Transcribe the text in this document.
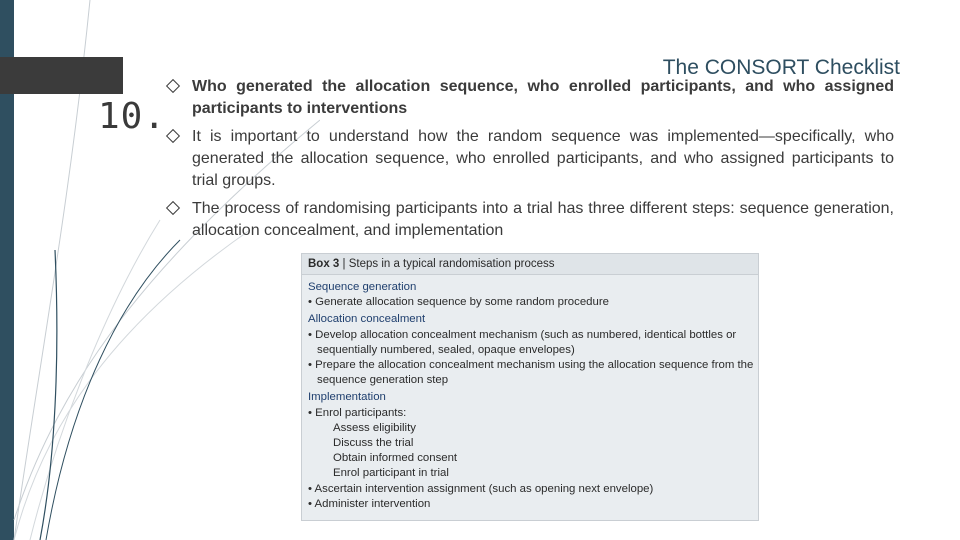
10.
The CONSORT Checklist
Who generated the allocation sequence, who enrolled participants, and who assigned participants to interventions
It is important to understand how the random sequence was implemented—specifically, who generated the allocation sequence, who enrolled participants, and who assigned participants to trial groups.
The process of randomising participants into a trial has three different steps: sequence generation, allocation concealment, and implementation
Box 3 | Steps in a typical randomisation process
Sequence generation
• Generate allocation sequence by some random procedure
Allocation concealment
• Develop allocation concealment mechanism (such as numbered, identical bottles or
sequentially numbered, sealed, opaque envelopes)
• Prepare the allocation concealment mechanism using the allocation sequence from the
sequence generation step
Implementation
• Enrol participants:
Assess eligibility
Discuss the trial
Obtain informed consent
Enrol participant in trial
• Ascertain intervention assignment (such as opening next envelope)
• Administer intervention
